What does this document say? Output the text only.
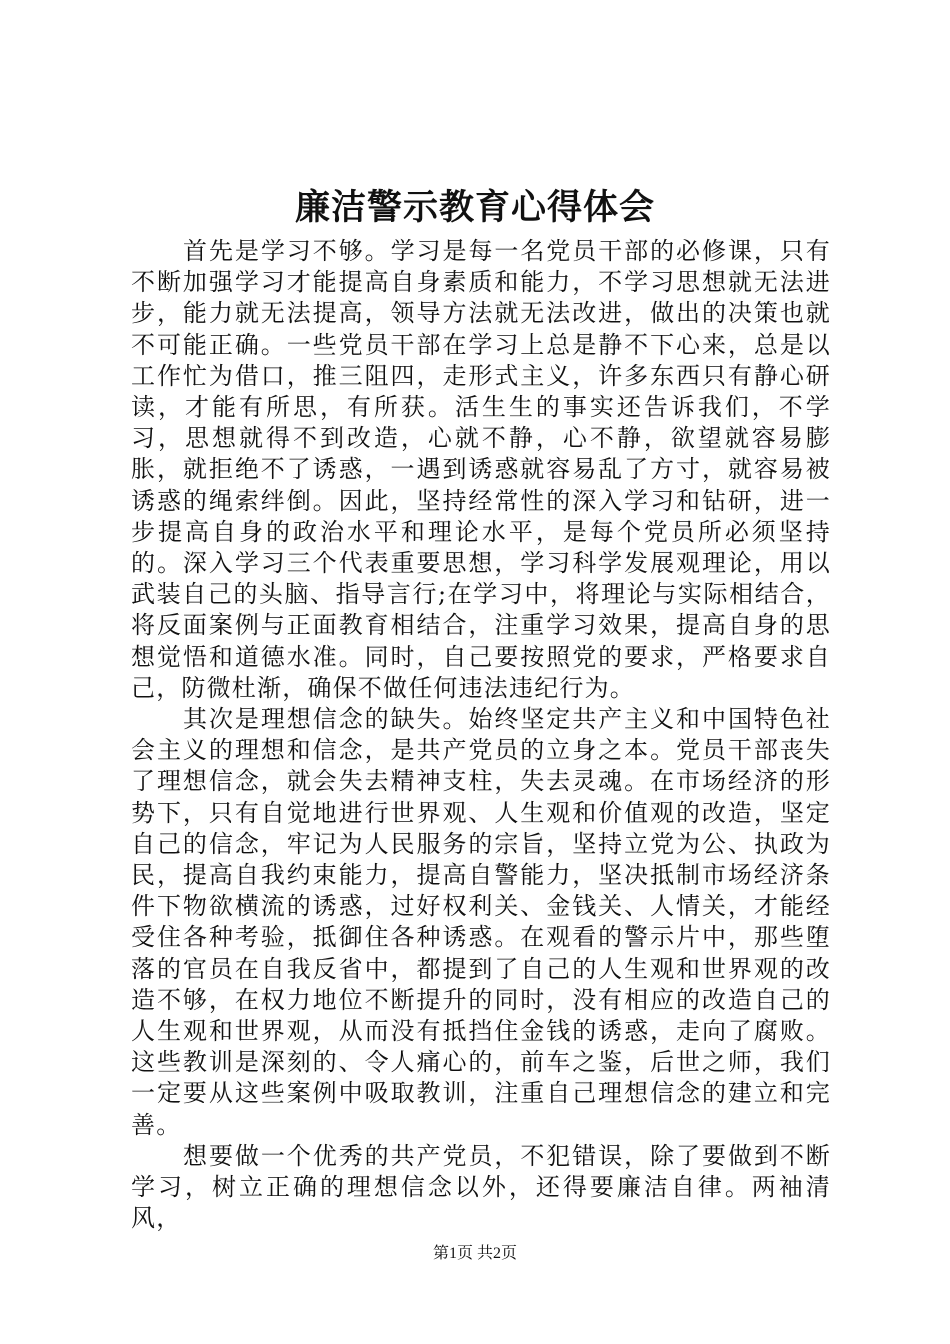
廉洁警示教育心得体会

首先是学习不够。学习是每一名党员干部的必修课，只有不断加强学习才能提高自身素质和能力，不学习思想就无法进步，能力就无法提高，领导方法就无法改进，做出的决策也就不可能正确。一些党员干部在学习上总是静不下心来，总是以工作忙为借口，推三阻四，走形式主义，许多东西只有静心研读，才能有所思，有所获。活生生的事实还告诉我们，不学习，思想就得不到改造，心就不静，心不静，欲望就容易膨胀，就拒绝不了诱惑，一遇到诱惑就容易乱了方寸，就容易被诱惑的绳索绊倒。因此，坚持经常性的深入学习和钻研，进一步提高自身的政治水平和理论水平，是每个党员所必须坚持的。深入学习三个代表重要思想，学习科学发展观理论，用以武装自己的头脑、指导言行;在学习中，将理论与实际相结合，将反面案例与正面教育相结合，注重学习效果，提高自身的思想觉悟和道德水准。同时，自己要按照党的要求，严格要求自己，防微杜渐，确保不做任何违法违纪行为。

其次是理想信念的缺失。始终坚定共产主义和中国特色社会主义的理想和信念，是共产党员的立身之本。党员干部丧失了理想信念，就会失去精神支柱，失去灵魂。在市场经济的形势下，只有自觉地进行世界观、人生观和价值观的改造，坚定自己的信念，牢记为人民服务的宗旨，坚持立党为公、执政为民，提高自我约束能力，提高自警能力，坚决抵制市场经济条件下物欲横流的诱惑，过好权利关、金钱关、人情关，才能经受住各种考验，抵御住各种诱惑。在观看的警示片中，那些堕落的官员在自我反省中，都提到了自己的人生观和世界观的改造不够，在权力地位不断提升的同时，没有相应的改造自己的人生观和世界观，从而没有抵挡住金钱的诱惑，走向了腐败。这些教训是深刻的、令人痛心的，前车之鉴，后世之师，我们一定要从这些案例中吸取教训，注重自己理想信念的建立和完善。

想要做一个优秀的共产党员，不犯错误，除了要做到不断学习，树立正确的理想信念以外，还得要廉洁自律。两袖清风，

第1页 共2页
